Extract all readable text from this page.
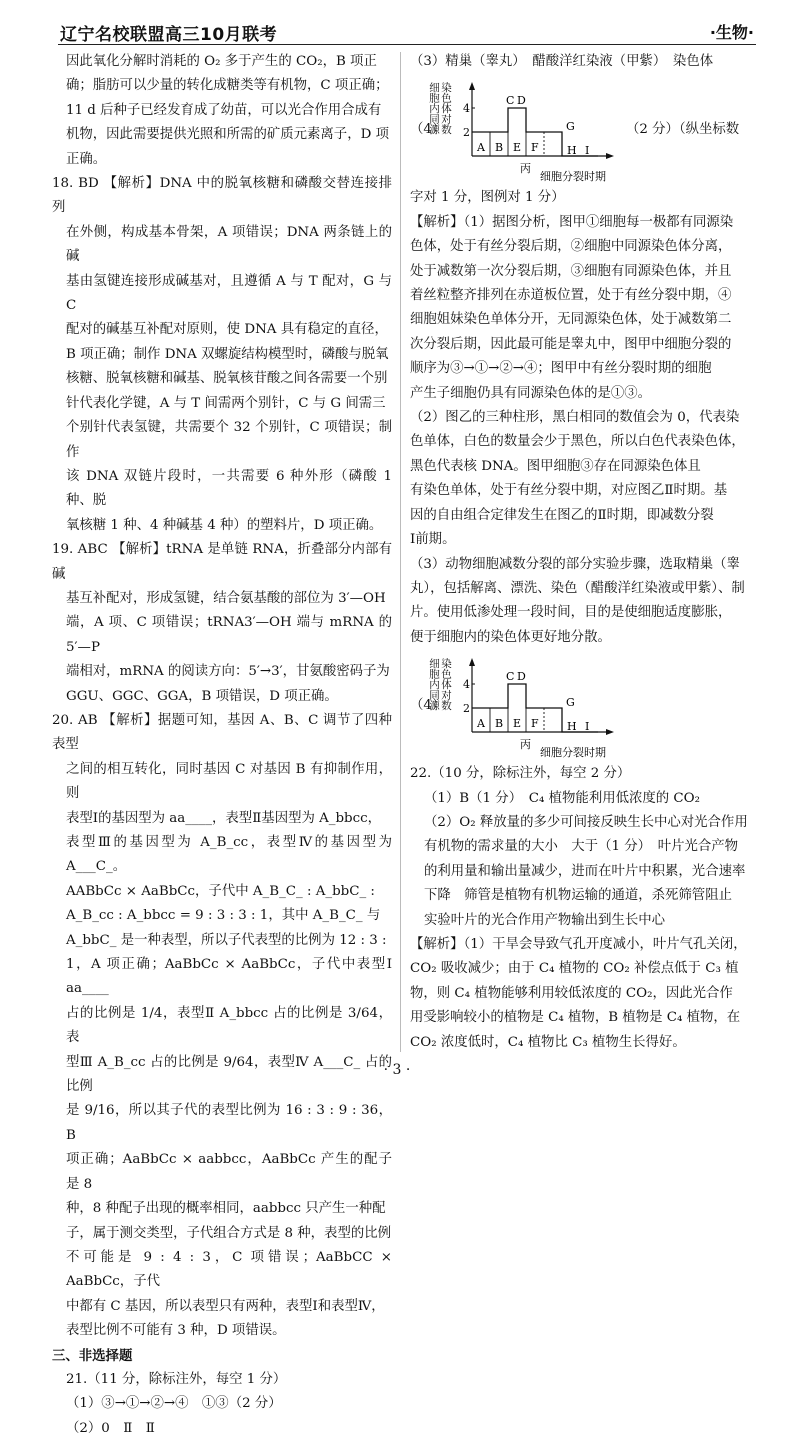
辽宁名校联盟高三10月联考	·生物·

因此氧化分解时消耗的 O₂ 多于产生的 CO₂，B 项正

确；脂肪可以少量的转化成糖类等有机物，C 项正确；

11 d 后种子已经发育成了幼苗，可以光合作用合成有

机物，因此需要提供光照和所需的矿质元素离子，D 项

正确。

18. BD 【解析】DNA 中的脱氧核糖和磷酸交替连接排列

在外侧，构成基本骨架，A 项错误；DNA 两条链上的碱

基由氢键连接形成碱基对，且遵循 A 与 T 配对，G 与 C

配对的碱基互补配对原则，使 DNA 具有稳定的直径，

B 项正确；制作 DNA 双螺旋结构模型时，磷酸与脱氧

核糖、脱氧核糖和碱基、脱氧核苷酸之间各需要一个别

针代表化学键，A 与 T 间需两个别针，C 与 G 间需三

个别针代表氢键，共需要个 32 个别针，C 项错误；制作

该 DNA 双链片段时，一共需要 6 种外形（磷酸 1 种、脱

氧核糖 1 种、4 种碱基 4 种）的塑料片，D 项正确。

19. ABC 【解析】tRNA 是单链 RNA，折叠部分内部有碱

基互补配对，形成氢键，结合氨基酸的部位为 3′—OH

端，A 项、C 项错误；tRNA3′—OH 端与 mRNA 的 5′—P

端相对，mRNA 的阅读方向：5′→3′，甘氨酸密码子为

GGU、GGC、GGA，B 项错误，D 项正确。

20. AB 【解析】据题可知，基因 A、B、C 调节了四种表型

之间的相互转化，同时基因 C 对基因 B 有抑制作用，则

表型Ⅰ的基因型为 aa____，表型Ⅱ基因型为 A_bbcc，

表型Ⅲ的基因型为 A_B_cc，表型Ⅳ的基因型为 A___C_。

AABbCc × AaBbCc，子代中 A_B_C_ : A_bbC_ :

A_B_cc : A_bbcc = 9 : 3 : 3 : 1，其中 A_B_C_ 与

A_bbC_ 是一种表型，所以子代表型的比例为 12 : 3 :

1，A 项正确；AaBbCc × AaBbCc，子代中表型Ⅰ aa____

占的比例是 1/4，表型Ⅱ A_bbcc 占的比例是 3/64，表

型Ⅲ A_B_cc 占的比例是 9/64，表型Ⅳ A___C_ 占的比例

是 9/16，所以其子代的表型比例为 16 : 3 : 9 : 36，B

项正确；AaBbCc × aabbcc，AaBbCc 产生的配子是 8

种，8 种配子出现的概率相同，aabbcc 只产生一种配

子，属于测交类型，子代组合方式是 8 种，表型的比例

不可能是 9 : 4 : 3，C 项错误；AaBbCC × AaBbCc，子代

中都有 C 基因，所以表型只有两种，表型Ⅰ和表型Ⅳ，

表型比例不可能有 3 种，D 项错误。

三、非选择题

21.（11 分，除标注外，每空 1 分）

（1）③→①→②→④　①③（2 分）

（2）0　Ⅱ　Ⅱ

（3）精巢（睾丸）　醋酸洋红染液（甲紫）　染色体

（4）
细胞内同源 染色体对数 2
4
A B E F
G
H I
C D
细胞分裂时期
丙
（2 分）（纵坐标数

字对 1 分，图例对 1 分）

【解析】（1）据图分析，图甲①细胞每一极都有同源染

色体，处于有丝分裂后期，②细胞中同源染色体分离，

处于减数第一次分裂后期，③细胞有同源染色体，并且

着丝粒整齐排列在赤道板位置，处于有丝分裂中期，④

细胞姐妹染色单体分开，无同源染色体，处于减数第二

次分裂后期，因此最可能是睾丸中，图甲中细胞分裂的

顺序为③→①→②→④；图甲中有丝分裂时期的细胞

产生子细胞仍具有同源染色体的是①③。

（2）图乙的三种柱形，黑白相同的数值会为 0，代表染

色单体，白色的数量会少于黑色，所以白色代表染色体，

黑色代表核 DNA。图甲细胞③存在同源染色体且

有染色单体，处于有丝分裂中期，对应图乙Ⅱ时期。基

因的自由组合定律发生在图乙的Ⅱ时期，即减数分裂

Ⅰ前期。

（3）动物细胞减数分裂的部分实验步骤，选取精巢（睾

丸），包括解离、漂洗、染色（醋酸洋红染液或甲紫）、制

片。使用低渗处理一段时间，目的是使细胞适度膨胀，

便于细胞内的染色体更好地分散。

（4）
细胞内同源 染色体对数 2
4
A B E F
G
H I
C D
细胞分裂时期
丙

22.（10 分，除标注外，每空 2 分）

（1）B（1 分）　C₄ 植物能利用低浓度的 CO₂

（2）O₂ 释放量的多少可间接反映生长中心对光合作用

有机物的需求量的大小　大于（1 分）　叶片光合产物

的利用量和输出量减少，进而在叶片中积累，光合速率

下降　筛管是植物有机物运输的通道，杀死筛管阻止

实验叶片的光合作用产物输出到生长中心

【解析】（1）干旱会导致气孔开度减小，叶片气孔关闭，

CO₂ 吸收减少；由于 C₄ 植物的 CO₂ 补偿点低于 C₃ 植

物，则 C₄ 植物能够利用较低浓度的 CO₂，因此光合作

用受影响较小的植物是 C₄ 植物，B 植物是 C₄ 植物，在

CO₂ 浓度低时，C₄ 植物比 C₃ 植物生长得好。

· 3 ·
